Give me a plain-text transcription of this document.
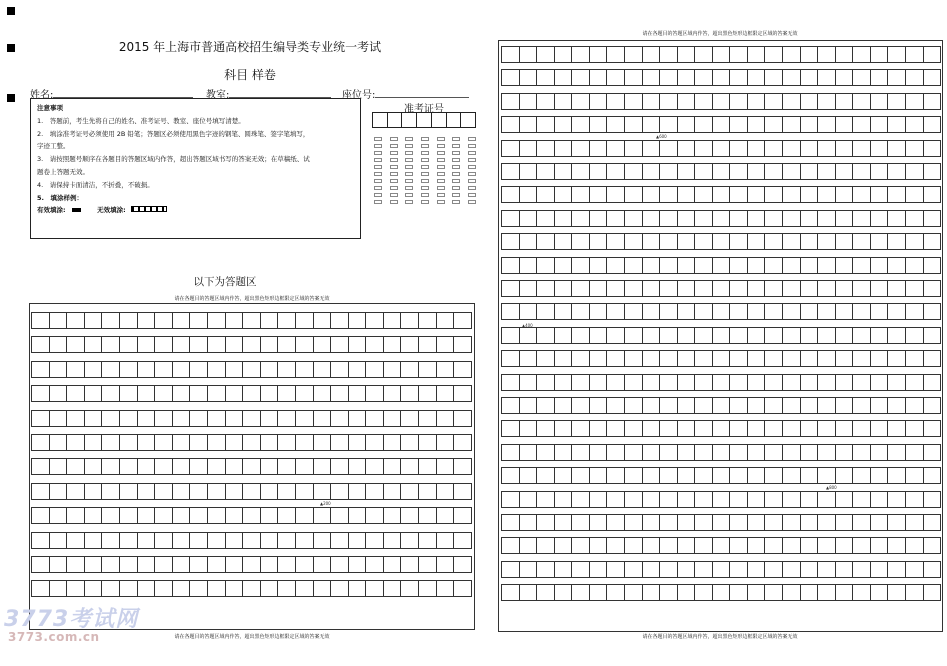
2015 年上海市普通高校招生编导类专业统一考试
科目 样卷
姓名:	教室:	座位号:
注意事项
1.　答题前，考生先将自己的姓名、准考证号、教室、座位号填写清楚。
2.　填涂准考证号必须使用 2B 铅笔；答题区必须使用黑色字迹的钢笔、圆珠笔、签字笔填写，
字迹工整。
3.　请按照题号顺序在各题目的答题区域内作答，超出答题区域书写的答案无效；在草稿纸、试
题卷上答题无效。
4.　请保持卡面清洁，不折叠，不破损。
5.　填涂样例：
有效填涂:	无效填涂:
准考证号
以下为答题区
请在各题目的答题区域内作答，超出黑色矩形边框限定区域的答案无效
▲200
请在各题目的答题区域内作答，超出黑色矩形边框限定区域的答案无效
请在各题目的答题区域内作答，超出黑色矩形边框限定区域的答案无效
▲400
▲600
▲800
请在各题目的答题区域内作答，超出黑色矩形边框限定区域的答案无效
3773考试网
3773.com.cn
